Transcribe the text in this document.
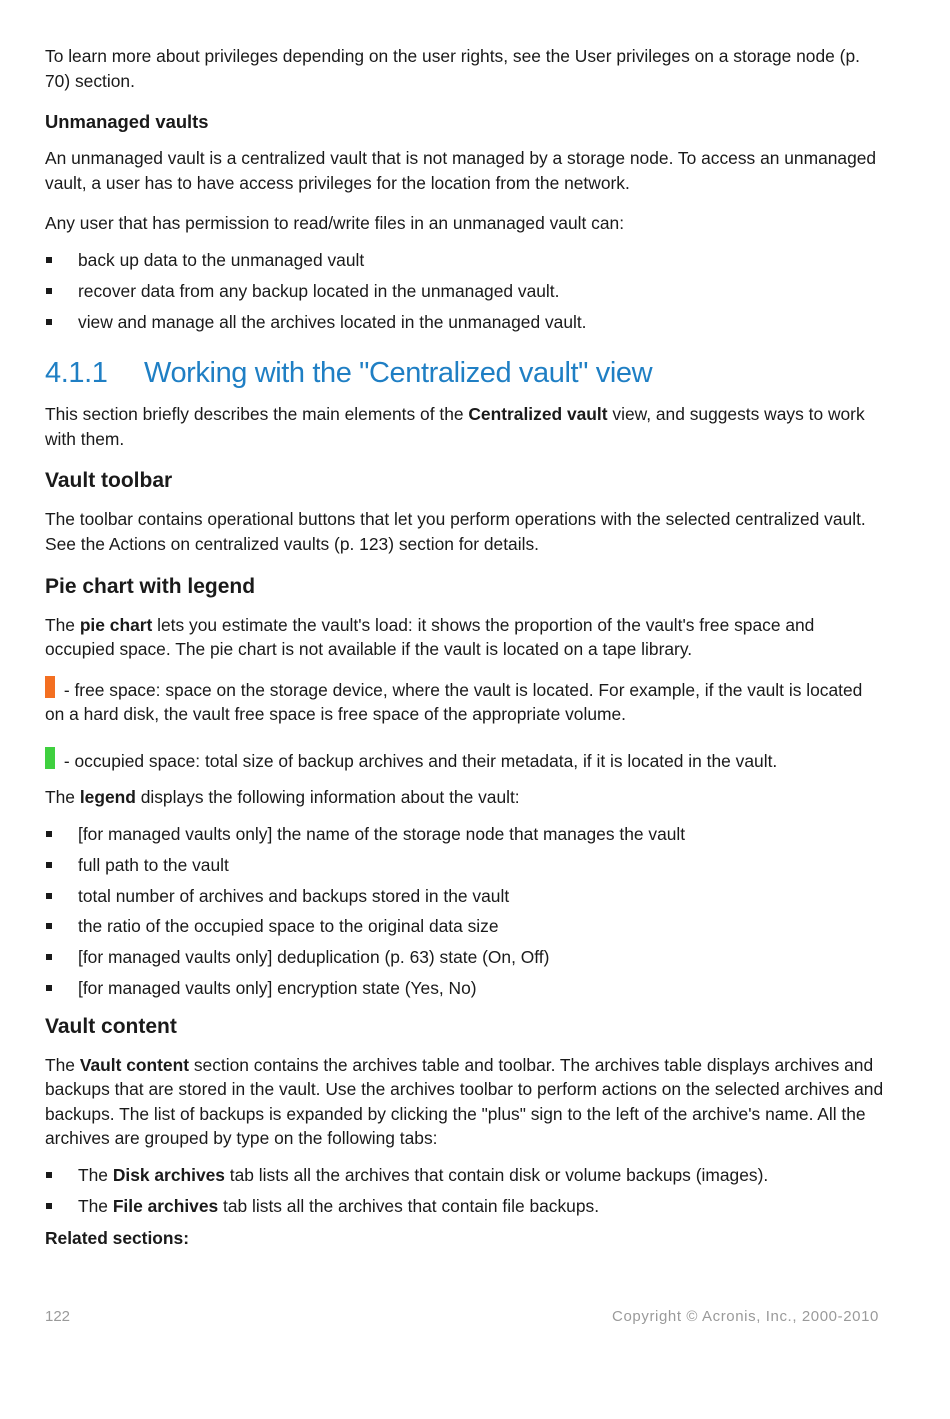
To learn more about privileges depending on the user rights, see the User privileges on a storage node (p. 70) section.

Unmanaged vaults

An unmanaged vault is a centralized vault that is not managed by a storage node. To access an unmanaged vault, a user has to have access privileges for the location from the network.

Any user that has permission to read/write files in an unmanaged vault can:

back up data to the unmanaged vault
recover data from any backup located in the unmanaged vault.
view and manage all the archives located in the unmanaged vault.
4.1.1 Working with the "Centralized vault" view

This section briefly describes the main elements of the Centralized vault view, and suggests ways to work with them.

Vault toolbar

The toolbar contains operational buttons that let you perform operations with the selected centralized vault. See the Actions on centralized vaults (p. 123) section for details.

Pie chart with legend

The pie chart lets you estimate the vault's load: it shows the proportion of the vault's free space and occupied space. The pie chart is not available if the vault is located on a tape library.

- free space: space on the storage device, where the vault is located. For example, if the vault is located on a hard disk, the vault free space is free space of the appropriate volume.

- occupied space: total size of backup archives and their metadata, if it is located in the vault.

The legend displays the following information about the vault:

[for managed vaults only] the name of the storage node that manages the vault
full path to the vault
total number of archives and backups stored in the vault
the ratio of the occupied space to the original data size
[for managed vaults only] deduplication (p. 63) state (On, Off)
[for managed vaults only] encryption state (Yes, No)
Vault content

The Vault content section contains the archives table and toolbar. The archives table displays archives and backups that are stored in the vault. Use the archives toolbar to perform actions on the selected archives and backups. The list of backups is expanded by clicking the "plus" sign to the left of the archive's name. All the archives are grouped by type on the following tabs:

The Disk archives tab lists all the archives that contain disk or volume backups (images).
The File archives tab lists all the archives that contain file backups.

Related sections:

122	Copyright © Acronis, Inc., 2000-2010
